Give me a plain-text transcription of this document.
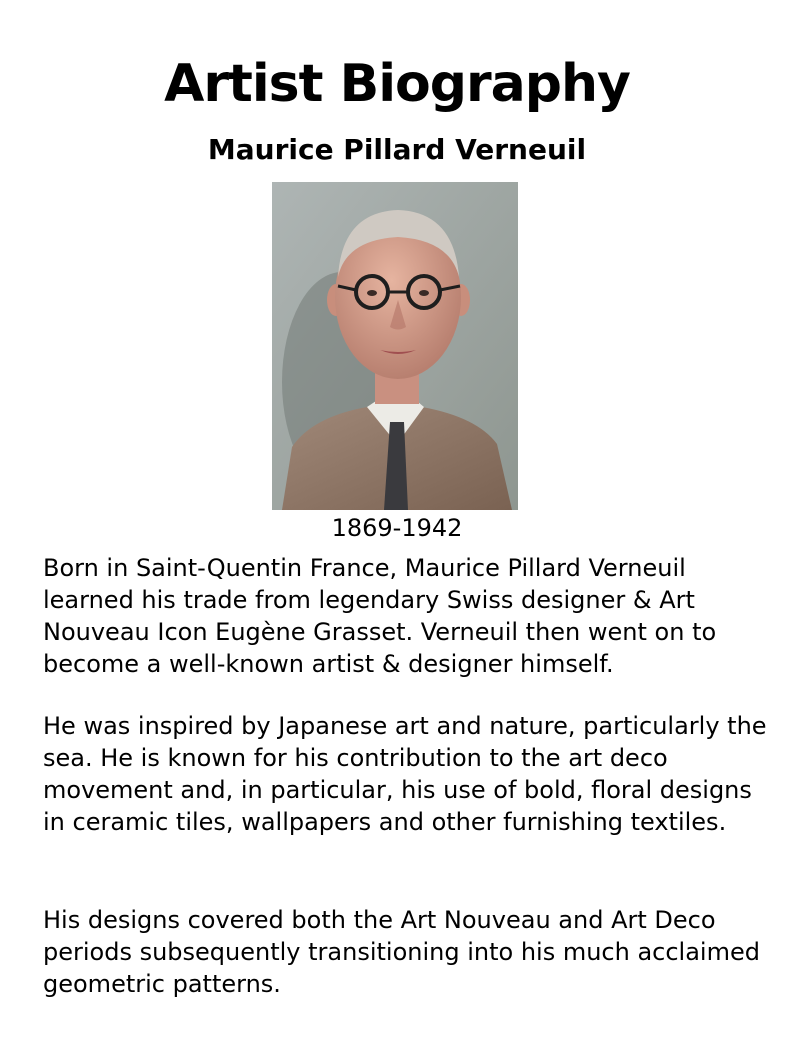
Artist Biography
Maurice Pillard Verneuil
1869-1942

Born in Saint-Quentin France, Maurice Pillard Verneuil learned his trade from legendary Swiss designer & Art Nouveau Icon Eugène Grasset. Verneuil then went on to become a well-known artist & designer himself.

He was inspired by Japanese art and nature, particularly the sea. He is known for his contribution to the art deco movement and, in particular, his use of bold, floral designs in ceramic tiles, wallpapers and other furnishing textiles.

His designs covered both the Art Nouveau and Art Deco periods subsequently transitioning into his much acclaimed geometric patterns.
